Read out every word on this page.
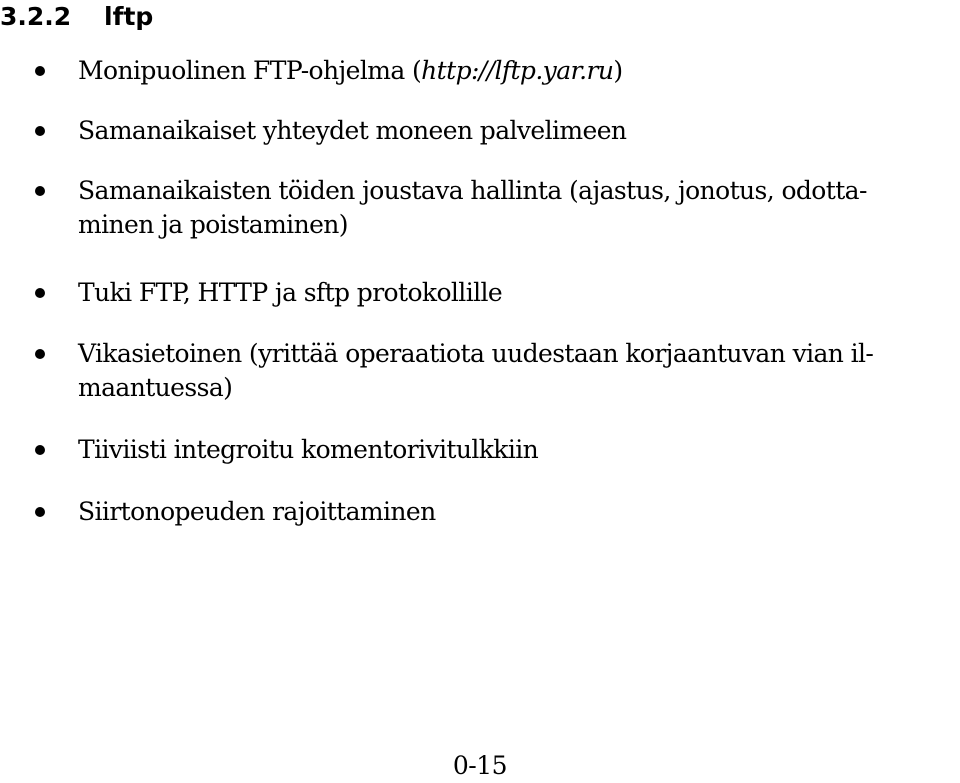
3.2.2 lftp
Monipuolinen FTP-ohjelma (http://lftp.yar.ru)
Samanaikaiset yhteydet moneen palvelimeen
Samanaikaisten töiden joustava hallinta (ajastus, jonotus, odotta-
minen ja poistaminen)
Tuki FTP, HTTP ja sftp protokollille
Vikasietoinen (yrittää operaatiota uudestaan korjaantuvan vian il-
maantuessa)
Tiiviisti integroitu komentorivitulkkiin
Siirtonopeuden rajoittaminen
0-15
